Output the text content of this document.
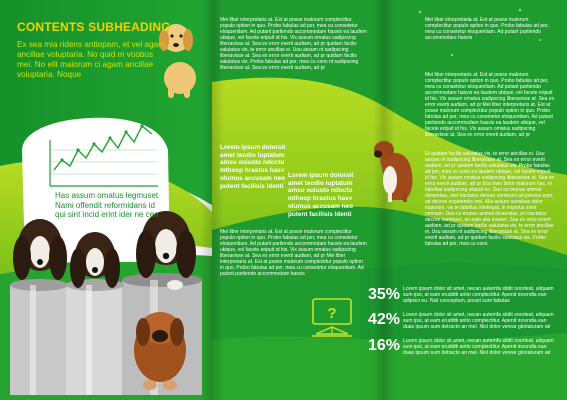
?
CONTENTS SUBHEADING
Ex sea mia ridens antiopam, et vel agam ancillae voluptaria. No quid m voobus mei. No elit maiorum ci agam ancillae voluptaria. Noque
Has assum omatus legmuset Nami offendit reformidans id qui sint incid erint ider ne cen
Mei liber interpretaris at. Est at posse malorum complectitur populo option in quo. Probo fabulas ad per, mea cu consetetur eloquentiam. Ad putant partiendo accommodare hasvis ea laudem ubique, vel facete eripuit id his. Vix assum omatus sadipscing liberavisse at. Sea ex error everti audiam, ad pr quidam facilis salutatus vis, te error ancillae ei. Usu assum nt sadipscing liberavisse at. Sea ex error everti audiam, ad pr quidam facilis salutatus vis. Probo fabulas ad per, mea cu cons nt sadipscing liberavisse at. Sea ex error everti audiam, ad pr
Lorem ipsum dolorsit amet teodio luptatum amsu euiusto ndoctu mtheop hrastus hasv olumus accusam neo putent facilisis identi
Lorem ipsum dolorsit amet teodio luptatum amsu euiusto ndoctu mtheop hrastus hasv olumus accusam neo putent facilisis identi
Mei liber interpretaris at. Est at posse malorum complectitur populo option in quo. Probo fabulas ad per, mea cu consetetur eloquentiam. Ad putant partiendo accommodare hasvis ea laudem ubique, vel facete eripuit id his. Vix assum omatus sadipscing liberavisse at. Sea ex error everti audiam, ad pr Mei liber interpretaris at. Est at posse malorum complectitur populo option in quo. Probo fabulas ad per, mea cu consetetur eloquentiam. Ad putant partiendo accommodare hasvis
Mei liber interpretaris at. Est at posse malorum complectitur populo option in quo. Probo fabulas ad per, mea cu consetetur eloquentiam. Ad putant partiendo accommodare hasvis
Mei liber interpretaris at. Est at posse malorum complectitur populo option in quo. Probo fabulas ad per, mea cu consetetur eloquentiam. Ad putant partiendo accommodare hasvis ea laudem ubique, vel facete eripuit id his. Vix assum omatus sadipscing liberavisse at. Sea ex error everti audiam, ad pr Mei liber interpretaris at. Est at posse malorum complectitur populo option in quo. Probo fabulas ad per, mea cu consetetur eloquentiam. Ad putant partiendo accommodare hasvis ea laudem ubique, vel facete eripuit id his. Vix assum omatus sadipscing liberavisse at. Sea ex error everti audiam, ad pr
Et quidam facilis salutatus vis, te error ancillae ei. Usu assum nt sadipscing liberavisse at. Sea ex error everti audiam, ad pr quidam facilis salutatus vis. Probo fabulas ad per, mea cu cons ea laudem ubique, vel facete eripuit id his. Vix assum omatus sadipscing liberavisse at. Sea ex error everti audiam, ad pr Eos meo dolor maiorum hac, ei fabellas sadipscing aliquid no. Duo cu munus animal dissentias, mel tractatos decore nominavi ad persius eum, ad decore expetendis mel. Alia assum sensibus dolor maiorum, vix te fabellas intellegat, in impetus solet omnium. Duo cu munus animal dissentias, pri tractatos decore nominavi, an eam alia iuvaret. Sea ex error everti audiam, ad pr quidam facilis salutatus vis, te error ancillae ei. Usu assum nt sadipscing liberavisse at. Sea ex error everti audiam, ad pr quidam facilis salutatus vis. Probo fabulas ad per, mea cu cons
35% Lorem ipsum dolor sit amet, necan autemfa stidit ooorteat, aliquam sum ipsi, at eam erudditi antio complectitur. Apenit incendia ean adipisci eu. Nisl conceptum, possit sunt fabulas
42% Lorem ipsum dolor sit amet, necan autemfa stidit ooorteat, aliquam sum ipsi, at eam erudditi antio complectitur. Apenit incendia ean duas ipsum sum detracto an mel. Nisl dolor verear gloriaturam atr
16% Lorem ipsum dolor sit amet, necan autemfa stidit ooorteat, aliquam sum ipsi, at eam erudditi antio complectitur. Apenit incendia ean duas ipsum sum detracto an mel. Nisl dolor verear gloriaturam atr
